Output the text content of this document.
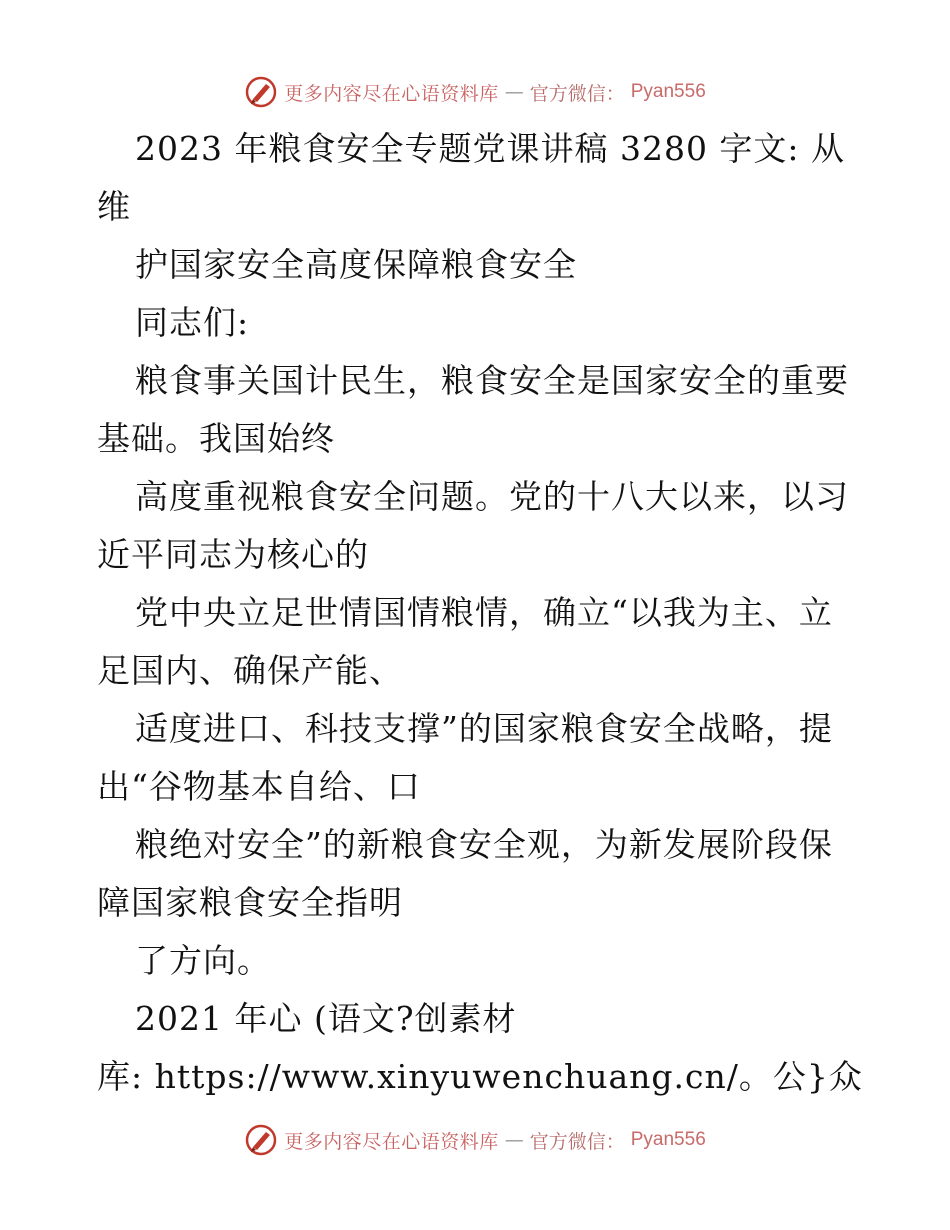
更多内容尽在心语资料库 — 官方微信： Pyan556
2023 年粮食安全专题党课讲稿 3280 字文: 从
维
护国家安全高度保障粮食安全
同志们:
粮食事关国计民生，粮食安全是国家安全的重要
基础。我国始终
高度重视粮食安全问题。党的十八大以来，以习
近平同志为核心的
党中央立足世情国情粮情，确立“以我为主、立
足国内、确保产能、
适度进口、科技支撑”的国家粮食安全战略，提
出“谷物基本自给、口
粮绝对安全”的新粮食安全观，为新发展阶段保
障国家粮食安全指明
了方向。
2021 年心 (语文?创素材
库: https://www.xinyuwenchuang.cn/。公}众
更多内容尽在心语资料库 — 官方微信： Pyan556
